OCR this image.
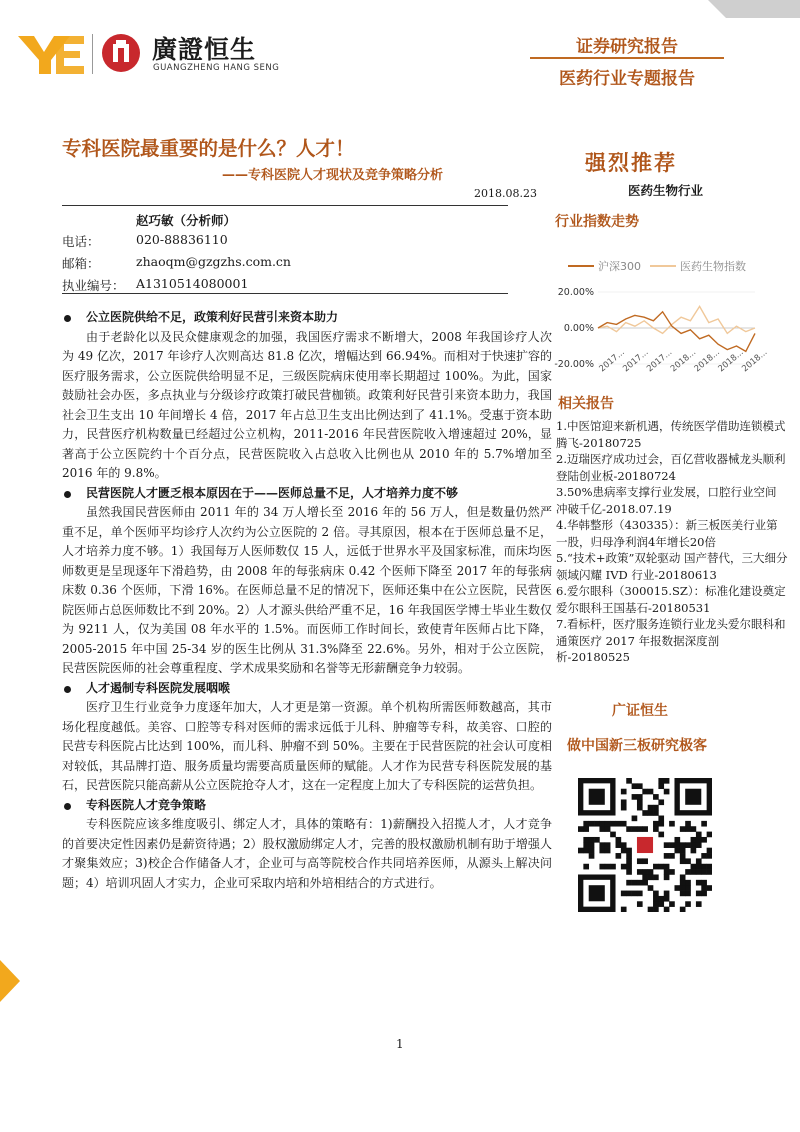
廣證恒生
GUANGZHENG HANG SENG
证券研究报告
医药行业专题报告
专科医院最重要的是什么？人才！
——专科医院人才现状及竞争策略分析
2018.08.23
赵巧敏（分析师）
电话：	020-88836110
邮箱：	zhaoqm@gzgzhs.com.cn
执业编号： A1310514080001
强烈推荐
医药生物行业
行业指数走势
沪深300	医药生物指数
20.00%
0.00%
-20.00% 2017...
2017...
2017...
2018...
2018...
2018...
2018...
相关报告

1.中医馆迎来新机遇，传统医学借助连锁模式腾飞-20180725

2.迈瑞医疗成功过会，百亿营收器械龙头顺利登陆创业板-20180724

3.50%患病率支撑行业发展，口腔行业空间冲破千亿-2018.07.19

4.华韩整形（430335）：新三板医美行业第一股，归母净利润4年增长20倍

5.“技术+政策”双轮驱动 国产替代，三大细分领域闪耀 IVD 行业-20180613

6.爱尔眼科（300015.SZ）：标准化建设奠定爱尔眼科王国基石-20180531

7.看标杆，医疗服务连锁行业龙头爱尔眼科和通策医疗 2017 年报数据深度剖析-20180525

广证恒生
做中国新三板研究极客

公立医院供给不足，政策利好民营引来资本助力

由于老龄化以及民众健康观念的加强，我国医疗需求不断增大，2008 年我国诊疗人次为 49 亿次，2017 年诊疗人次则高达 81.8 亿次，增幅达到 66.94%。而相对于快速扩容的医疗服务需求，公立医院供给明显不足，三级医院病床使用率长期超过 100%。为此，国家鼓励社会办医，多点执业与分级诊疗政策打破民营枷锁。政策利好民营引来资本助力，我国社会卫生支出 10 年间增长 4 倍，2017 年占总卫生支出比例达到了 41.1%。受惠于资本助力，民营医疗机构数量已经超过公立机构，2011-2016 年民营医院收入增速超过 20%，显著高于公立医院约十个百分点，民营医院收入占总收入比例也从 2010 年的 5.7%增加至 2016 年的 9.8%。

民营医院人才匮乏根本原因在于——医师总量不足，人才培养力度不够

虽然我国民营医师由 2011 年的 34 万人增长至 2016 年的 56 万人，但是数量仍然严重不足，单个医师平均诊疗人次约为公立医院的 2 倍。寻其原因，根本在于医师总量不足，人才培养力度不够。1）我国每万人医师数仅 15 人，远低于世界水平及国家标准，而床均医师数更是呈现逐年下滑趋势，由 2008 年的每张病床 0.42 个医师下降至 2017 年的每张病床数 0.36 个医师，下滑 16%。在医师总量不足的情况下，医师还集中在公立医院，民营医院医师占总医师数比不到 20%。2）人才源头供给严重不足，16 年我国医学博士毕业生数仅为 9211 人，仅为美国 08 年水平的 1.5%。而医师工作时间长，致使青年医师占比下降，2005-2015 年中国 25-34 岁的医生比例从 31.3%降至 22.6%。另外，相对于公立医院，民营医院医师的社会尊重程度、学术成果奖励和名誉等无形薪酬竞争力较弱。

人才遏制专科医院发展咽喉

医疗卫生行业竞争力度逐年加大，人才更是第一资源。单个机构所需医师数越高，其市场化程度越低。美容、口腔等专科对医师的需求远低于儿科、肿瘤等专科，故美容、口腔的民营专科医院占比达到 100%，而儿科、肿瘤不到 50%。主要在于民营医院的社会认可度相对较低，其品牌打造、服务质量均需要高质量医师的赋能。人才作为民营专科医院发展的基石，民营医院只能高薪从公立医院抢夺人才，这在一定程度上加大了专科医院的运营负担。

专科医院人才竞争策略

专科医院应该多维度吸引、绑定人才，具体的策略有：1)薪酬投入招揽人才，人才竞争的首要决定性因素仍是薪资待遇；2）股权激励绑定人才，完善的股权激励机制有助于增强人才聚集效应；3)校企合作储备人才，企业可与高等院校合作共同培养医师，从源头上解决问题；4）培训巩固人才实力，企业可采取内培和外培相结合的方式进行。

1
